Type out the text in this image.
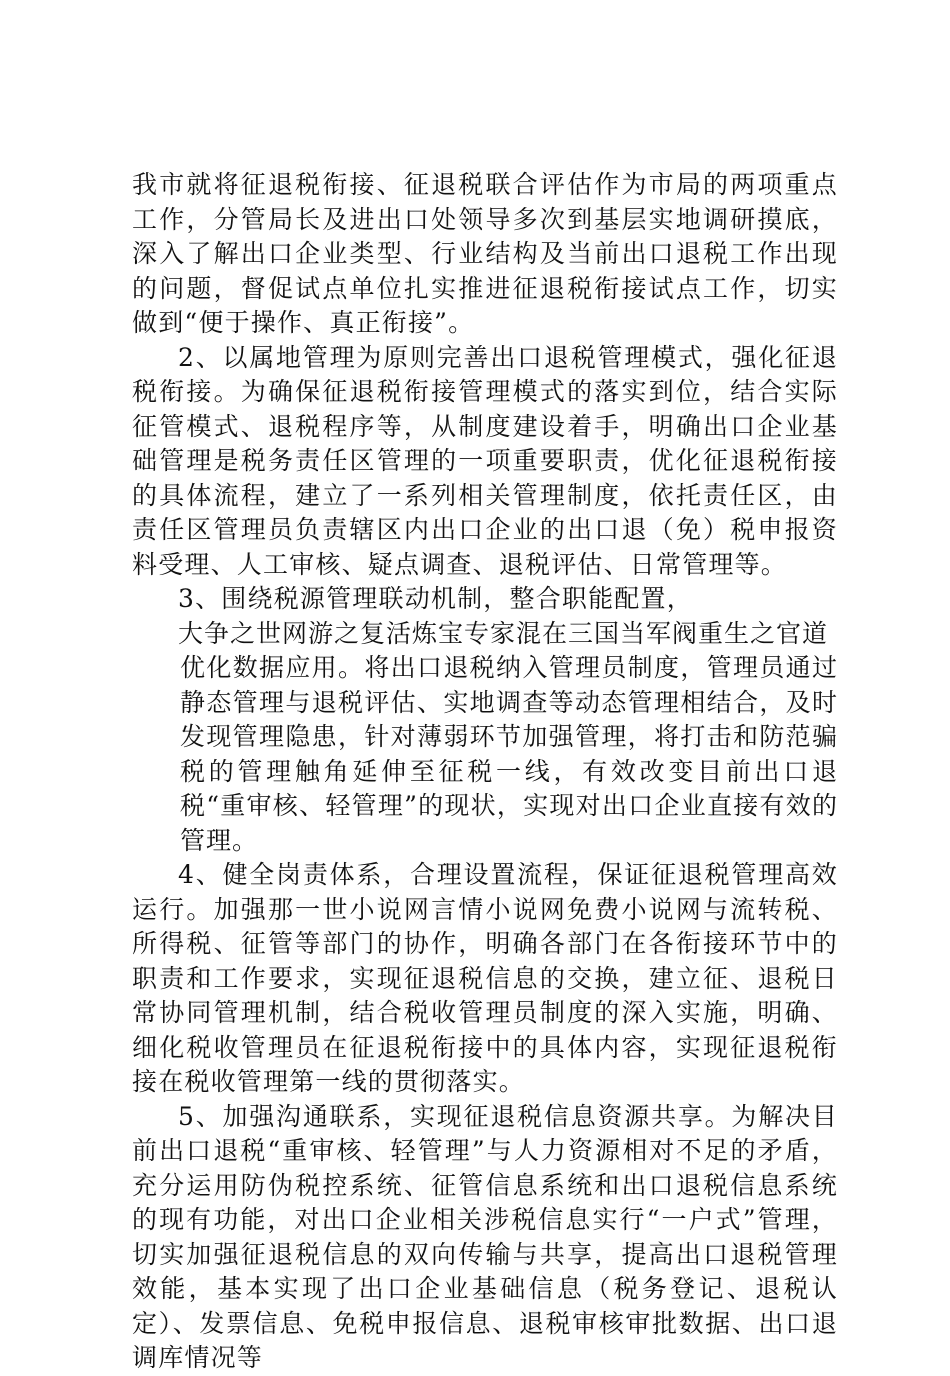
我市就将征退税衔接、征退税联合评估作为市局的两项重点工作，分管局长及进出口处领导多次到基层实地调研摸底，深入了解出口企业类型、行业结构及当前出口退税工作出现的问题，督促试点单位扎实推进征退税衔接试点工作，切实做到“便于操作、真正衔接”。

2、以属地管理为原则完善出口退税管理模式，强化征退税衔接。为确保征退税衔接管理模式的落实到位，结合实际征管模式、退税程序等，从制度建设着手，明确出口企业基础管理是税务责任区管理的一项重要职责，优化征退税衔接的具体流程，建立了一系列相关管理制度，依托责任区，由责任区管理员负责辖区内出口企业的出口退（免）税申报资料受理、人工审核、疑点调查、退税评估、日常管理等。

3、围绕税源管理联动机制，整合职能配置，

大争之世网游之复活炼宝专家混在三国当军阀重生之官道

优化数据应用。将出口退税纳入管理员制度，管理员通过静态管理与退税评估、实地调查等动态管理相结合，及时发现管理隐患，针对薄弱环节加强管理，将打击和防范骗税的管理触角延伸至征税一线，有效改变目前出口退税“重审核、轻管理”的现状，实现对出口企业直接有效的管理。

4、健全岗责体系，合理设置流程，保证征退税管理高效运行。加强那一世小说网言情小说网免费小说网与流转税、所得税、征管等部门的协作，明确各部门在各衔接环节中的职责和工作要求，实现征退税信息的交换，建立征、退税日常协同管理机制，结合税收管理员制度的深入实施，明确、细化税收管理员在征退税衔接中的具体内容，实现征退税衔接在税收管理第一线的贯彻落实。

5、加强沟通联系，实现征退税信息资源共享。为解决目前出口退税“重审核、轻管理”与人力资源相对不足的矛盾，充分运用防伪税控系统、征管信息系统和出口退税信息系统的现有功能，对出口企业相关涉税信息实行“一户式”管理，切实加强征退税信息的双向传输与共享，提高出口退税管理效能，基本实现了出口企业基础信息（税务登记、退税认定）、发票信息、免税申报信息、退税审核审批数据、出口退调库情况等
